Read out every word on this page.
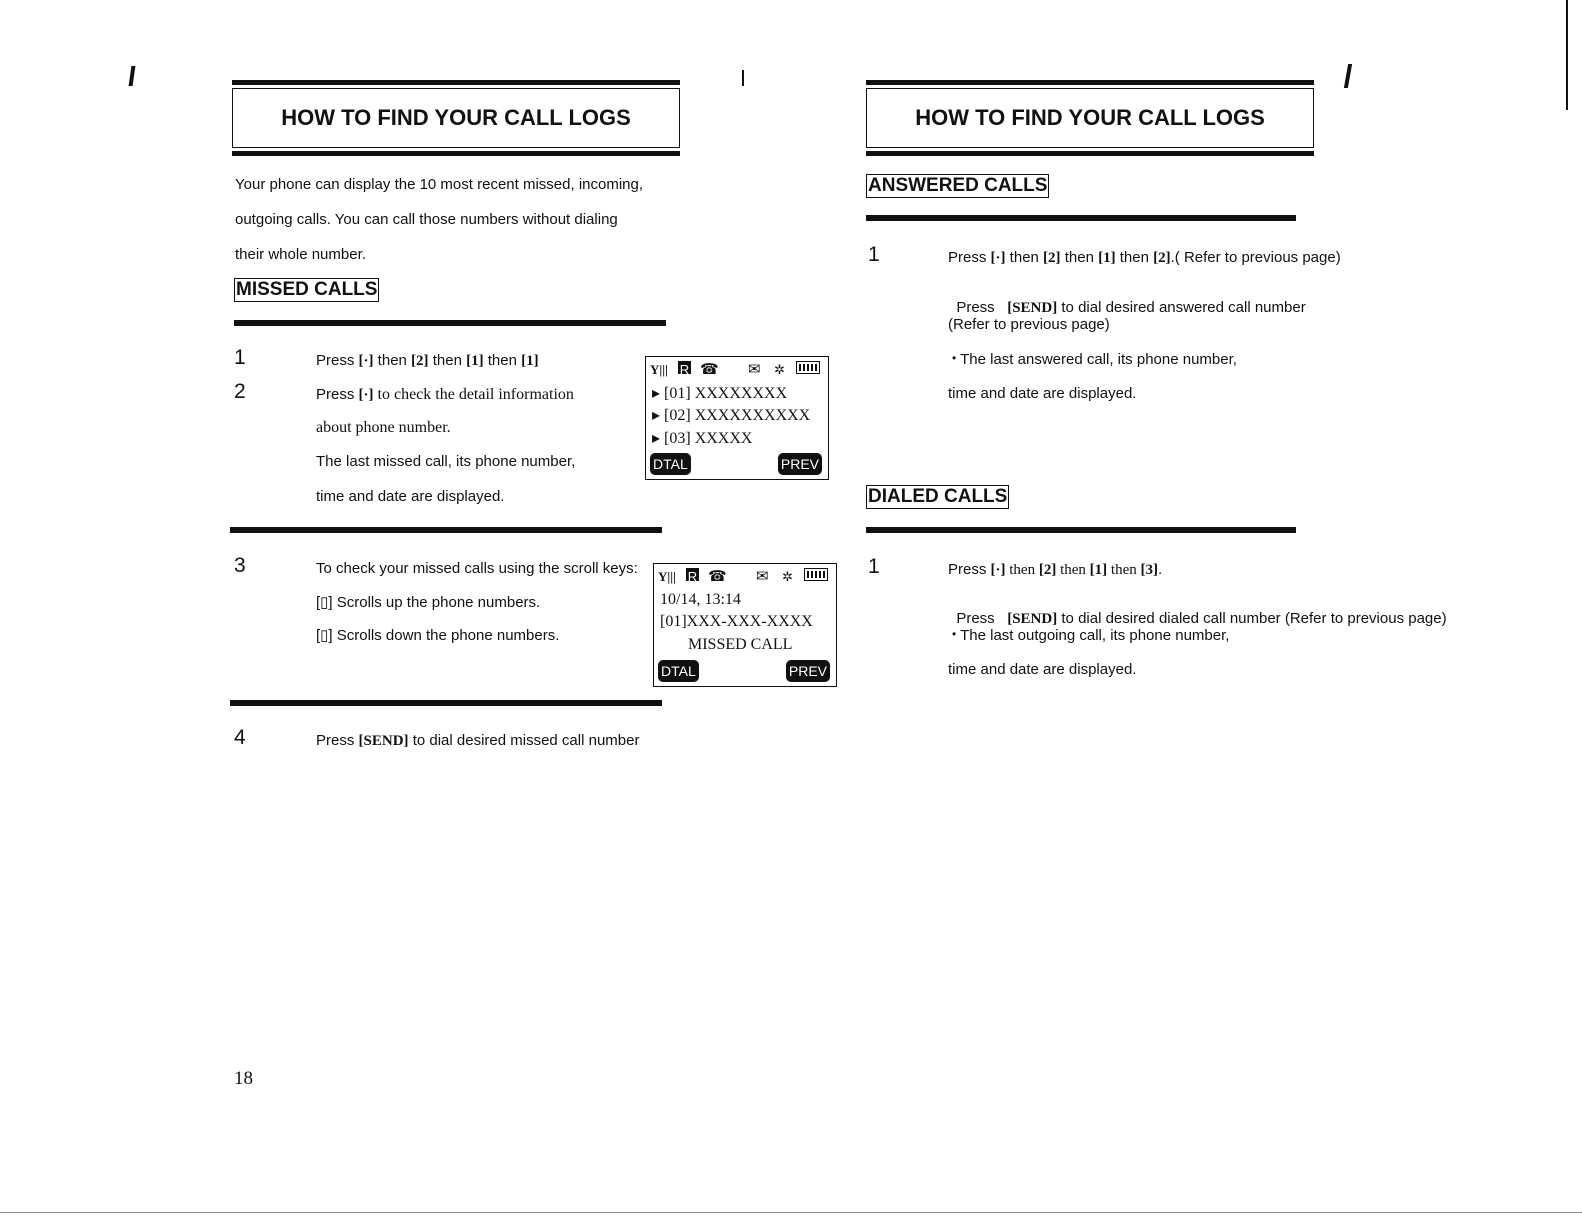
HOW TO FIND YOUR CALL LOGS
Your phone can display the 10 most recent missed, incoming,
outgoing calls. You can call those numbers without dialing
their whole number.
MISSED CALLS
1	Press [·] then [2] then [1] then [1]
2	Press [·] to check the detail information
about phone number.
The last missed call, its phone number,
time and date are displayed.
Y||| R ☎ ✉ ✲
▸ [01] XXXXXXXX
▸ [02] XXXXXXXXXX
▸ [03] XXXXX
DTAL	PREV
3	To check your missed calls using the scroll keys:
[▯] Scrolls up the phone numbers.
[▯] Scrolls down the phone numbers.
Y||| R ☎ ✉ ✲
10/14, 13:14
[01]XXX-XXX-XXXX
MISSED CALL
DTAL	PREV
4	Press [SEND] to dial desired missed call number
18
HOW TO FIND YOUR CALL LOGS
ANSWERED CALLS
1	Press [·] then [2] then [1] then [2].( Refer to previous page)

Press   [SEND] to dial desired answered call number

(Refer to previous page)
• The last answered call, its phone number,
time and date are displayed.
DIALED CALLS
1	Press [·] then [2] then [1] then [3].

Press   [SEND] to dial desired dialed call number (Refer to previous page)

• The last outgoing call, its phone number,
time and date are displayed.
